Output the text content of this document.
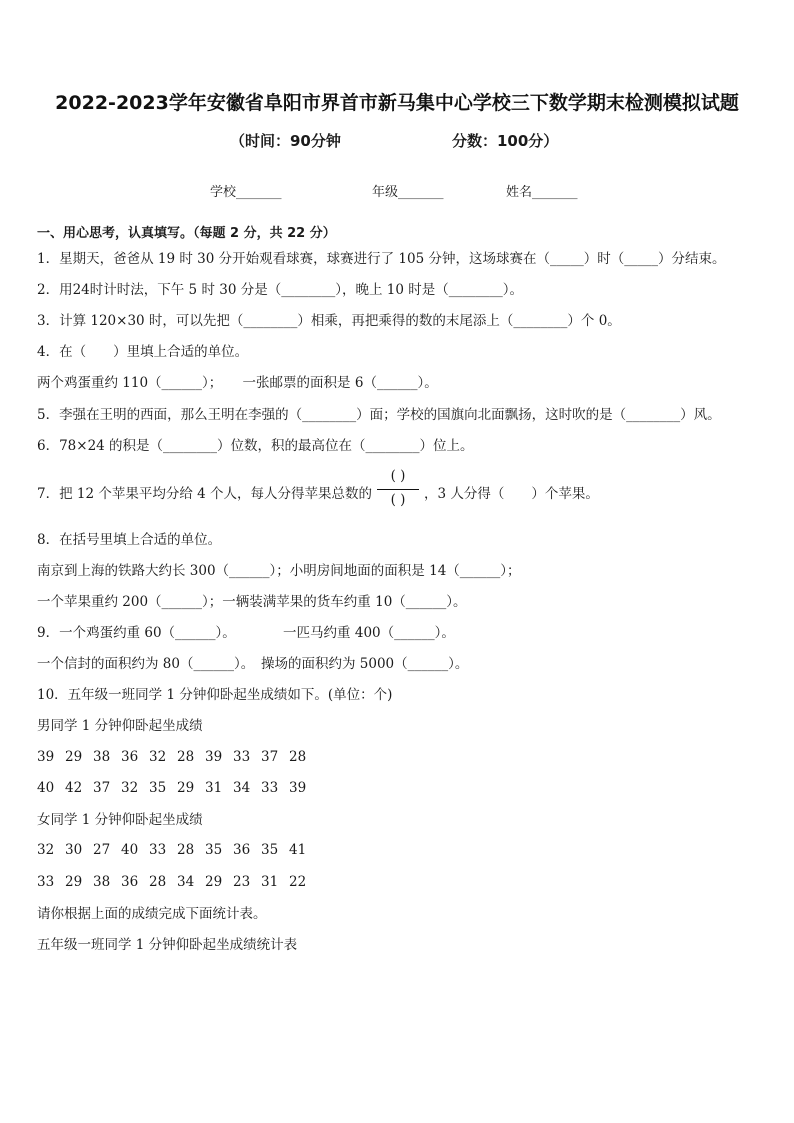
2022-2023学年安徽省阜阳市界首市新马集中心学校三下数学期末检测模拟试题
（时间：90分钟	分数：100分）
学校_______	年级_______	姓名_______
一、用心思考，认真填写。（每题 2 分，共 22 分）
1．星期天，爸爸从 19 时 30 分开始观看球赛，球赛进行了 105 分钟，这场球赛在（_____）时（_____）分结束。
2．用24时计时法，下午 5 时 30 分是（________），晚上 10 时是（________）。
3．计算 120×30 时，可以先把（________）相乘，再把乘得的数的末尾添上（________）个 0。
4．在（　　）里填上合适的单位。
两个鸡蛋重约 110（______）；　　一张邮票的面积是 6（______）。
5．李强在王明的西面，那么王明在李强的（________）面；学校的国旗向北面飘扬，这时吹的是（________）风。
6．78×24 的积是（________）位数，积的最高位在（________）位上。
7．把 12 个苹果平均分给 4 个人，每人分得苹果总数的
( )
( )	，3 人分得（　　）个苹果。
8．在括号里填上合适的单位。
南京到上海的铁路大约长 300（______）；小明房间地面的面积是 14（______）；
一个苹果重约 200（______）；一辆装满苹果的货车约重 10（______）。
9．一个鸡蛋约重 60（______）。　　　　一匹马约重 400（______）。
一个信封的面积约为 80（______）。　操场的面积约为 5000（______）。
10．五年级一班同学 1 分钟仰卧起坐成绩如下。(单位：个)
男同学 1 分钟仰卧起坐成绩
39 29 38 36 32 28 39 33 37 28
40 42 37 32 35 29 31 34 33 39
女同学 1 分钟仰卧起坐成绩
32 30 27 40 33 28 35 36 35 41
33 29 38 36 28 34 29 23 31 22
请你根据上面的成绩完成下面统计表。
五年级一班同学 1 分钟仰卧起坐成绩统计表
